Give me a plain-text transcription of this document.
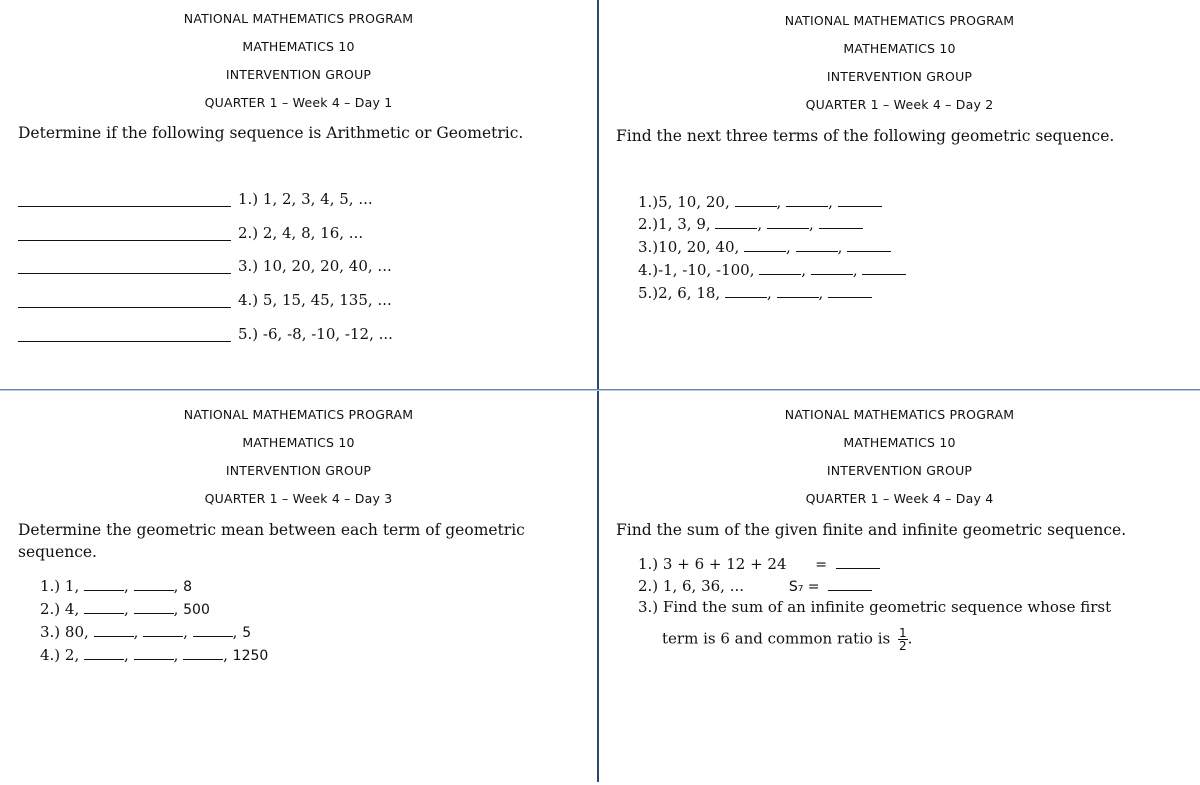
NATIONAL MATHEMATICS PROGRAM
MATHEMATICS 10
INTERVENTION GROUP
QUARTER 1 – Week 4 – Day 1
Determine if the following sequence is Arithmetic or Geometric.
1.) 1, 2, 3, 4, 5, ...
2.) 2, 4, 8, 16, ...
3.) 10, 20, 20, 40, ...
4.) 5, 15, 45, 135, ...
5.) -6, -8, -10, -12, ...
NATIONAL MATHEMATICS PROGRAM
MATHEMATICS 10
INTERVENTION GROUP
QUARTER 1 – Week 4 – Day 2
Find the next three terms of the following geometric sequence.
1.)5, 10, 20,	,	,
2.)1, 3, 9,	,	,
3.)10, 20, 40,	,	,
4.)-1, -10, -100,	,	,
5.)2, 6, 18,	,	,
NATIONAL MATHEMATICS PROGRAM
MATHEMATICS 10
INTERVENTION GROUP
QUARTER 1 – Week 4 – Day 3
Determine the geometric mean between each term of geometric sequence.
1.) 1,	,	, 8
2.) 4,	,	, 500
3.) 80,	,	,	, 5
4.) 2,	,	,	, 1250
NATIONAL MATHEMATICS PROGRAM
MATHEMATICS 10
INTERVENTION GROUP
QUARTER 1 – Week 4 – Day 4
Find the sum of the given finite and infinite geometric sequence.
1.) 3 + 6 + 12 + 24 =
2.) 1, 6, 36, ...	S₇ =
3.) Find the sum of an infinite geometric sequence whose first
term is 6 and common ratio is $\frac{1}{2}$ .
